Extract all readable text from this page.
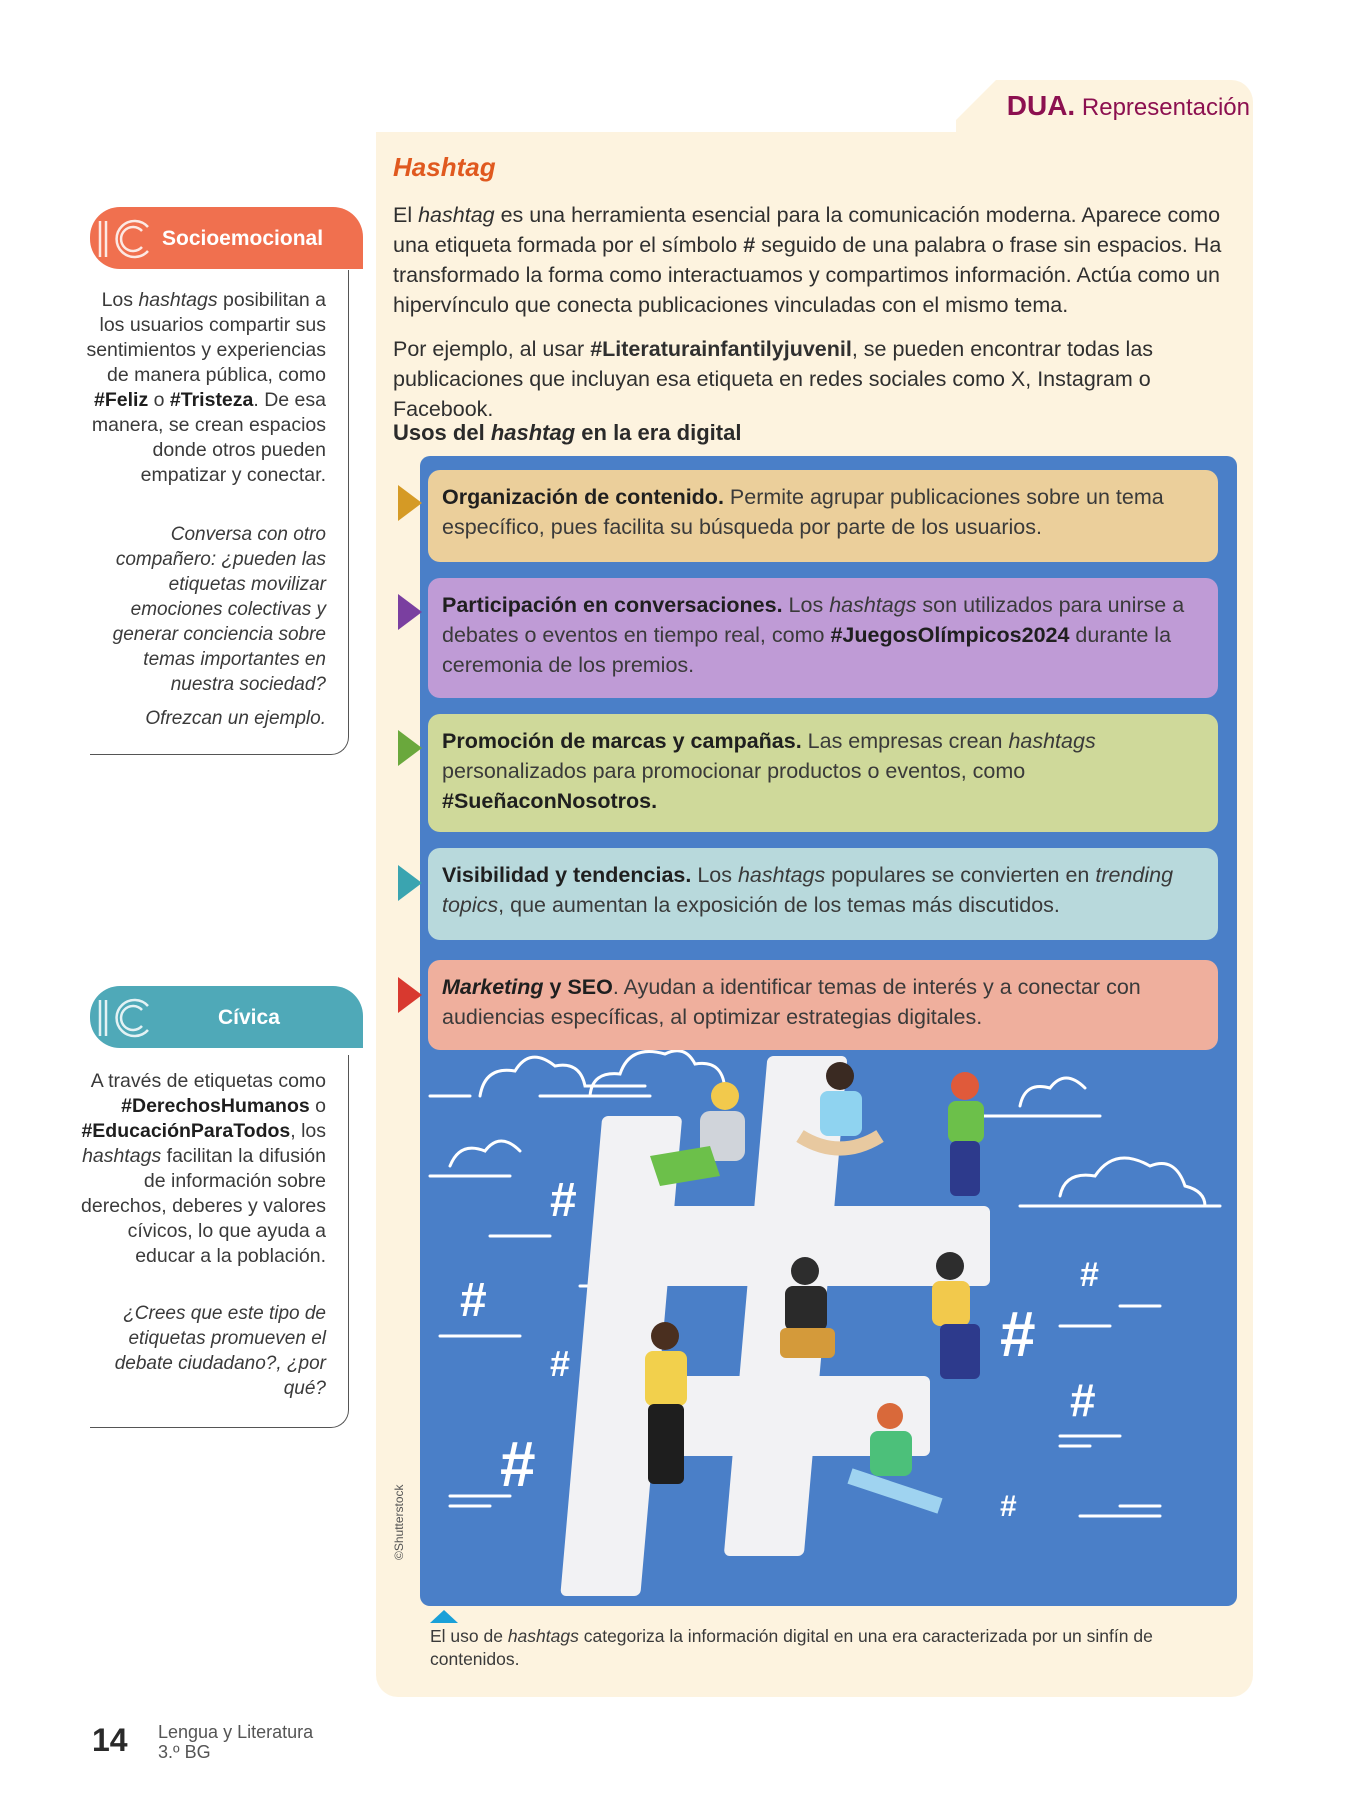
DUA. Representación
Hashtag

El hashtag es una herramienta esencial para la comunicación moderna. Aparece como una etiqueta formada por el símbolo # seguido de una palabra o frase sin espacios. Ha transformado la forma como interactuamos y compartimos información. Actúa como un hipervínculo que conecta publicaciones vinculadas con el mismo tema.

Por ejemplo, al usar #Literaturainfantilyjuvenil, se pueden encontrar todas las publicaciones que incluyan esa etiqueta en redes sociales como X, Instagram o Facebook.

Usos del hashtag en la era digital
#
#
#
#
#
#
#
#
Organización de contenido. Permite agrupar publicaciones sobre un tema específico, pues facilita su búsqueda por parte de los usuarios.
Participación en conversaciones. Los hashtags son utilizados para unirse a debates o eventos en tiempo real, como #JuegosOlímpicos2024 durante la ceremonia de los premios.
Promoción de marcas y campañas. Las empresas crean hashtags personalizados para promocionar productos o eventos, como #SueñaconNosotros.
Visibilidad y tendencias. Los hashtags populares se convierten en trending topics, que aumentan la exposición de los temas más discutidos.
Marketing y SEO. Ayudan a identificar temas de interés y a conectar con audiencias específicas, al optimizar estrategias digitales.
©Shutterstock
El uso de hashtags categoriza la información digital en una era caracterizada por un sinfín de contenidos.

Los hashtags posibilitan a los usuarios compartir sus sentimientos y experiencias de manera pública, como #Feliz o #Tristeza. De esa manera, se crean espacios donde otros pueden empatizar y conectar.

Conversa con otro compañero: ¿pueden las etiquetas movilizar emociones colectivas y generar conciencia sobre temas importantes en nuestra sociedad?

Ofrezcan un ejemplo.

Socioemocional

A través de etiquetas como #DerechosHumanos o #EducaciónParaTodos, los hashtags facilitan la difusión de información sobre derechos, deberes y valores cívicos, lo que ayuda a educar a la población.

¿Crees que este tipo de etiquetas promueven el debate ciudadano?, ¿por qué?

Cívica
14 Lengua y Literatura
3.º BG
